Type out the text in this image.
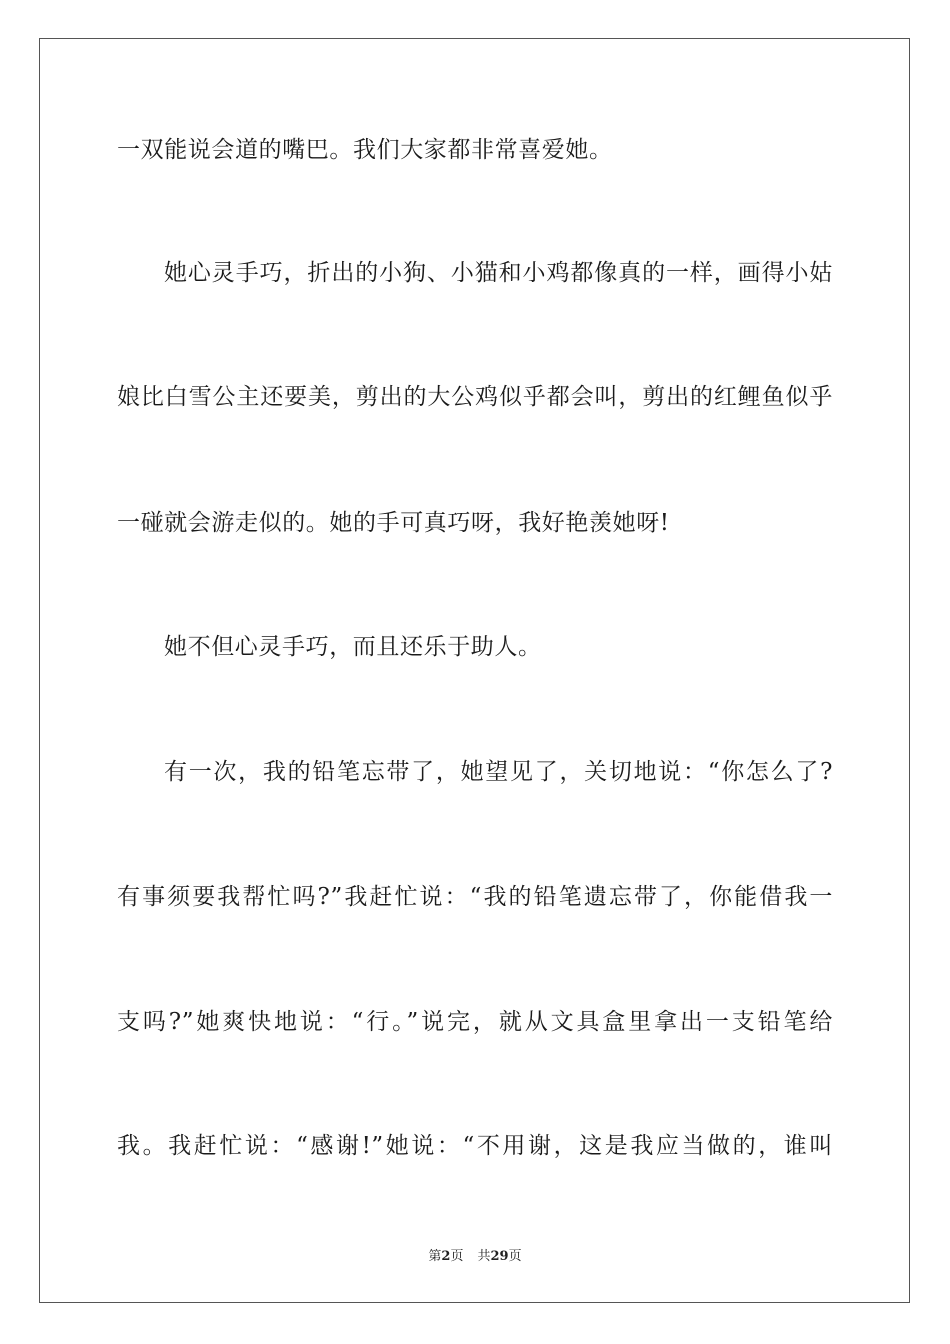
一双能说会道的嘴巴。我们大家都非常喜爱她。
她心灵手巧，折出的小狗、小猫和小鸡都像真的一样，画得小姑
娘比白雪公主还要美，剪出的大公鸡似乎都会叫，剪出的红鲤鱼似乎
一碰就会游走似的。她的手可真巧呀，我好艳羡她呀!
她不但心灵手巧，而且还乐于助人。
有一次，我的铅笔忘带了，她望见了，关切地说：“你怎么了?
有事须要我帮忙吗?”我赶忙说：“我的铅笔遗忘带了，你能借我一
支吗?”她爽快地说：“行。”说完，就从文具盒里拿出一支铅笔给
我。我赶忙说：“感谢!”她说：“不用谢，这是我应当做的，谁叫
第2页 共29页
